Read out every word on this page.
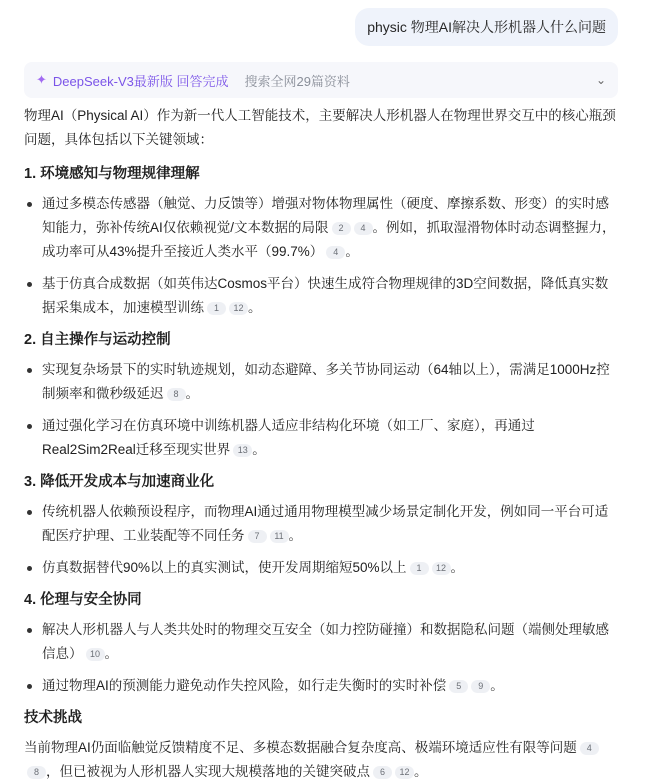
physic 物理AI解决人形机器人什么问题
✦ DeepSeek-V3最新版 回答完成 搜索全网29篇资料	⌄

物理AI（Physical AI）作为新一代人工智能技术，主要解决人形机器人在物理世界交互中的核心瓶颈问题，具体包括以下关键领域：

1. 环境感知与物理规律理解
通过多模态传感器（触觉、力反馈等）增强对物体物理属性（硬度、摩擦系数、形变）的实时感知能力，弥补传统AI仅依赖视觉/文本数据的局限 2 4 。例如，抓取湿滑物体时动态调整握力，成功率可从43%提升至接近人类水平（99.7%） 4 。
基于仿真合成数据（如英伟达Cosmos平台）快速生成符合物理规律的3D空间数据，降低真实数据采集成本，加速模型训练 1 12 。
2. 自主操作与运动控制
实现复杂场景下的实时轨迹规划，如动态避障、多关节协同运动（64轴以上），需满足1000Hz控制频率和微秒级延迟 8 。
通过强化学习在仿真环境中训练机器人适应非结构化环境（如工厂、家庭），再通过Real2Sim2Real迁移至现实世界 13 。
3. 降低开发成本与加速商业化
传统机器人依赖预设程序，而物理AI通过通用物理模型减少场景定制化开发，例如同一平台可适配医疗护理、工业装配等不同任务 7 11 。
仿真数据替代90%以上的真实测试，使开发周期缩短50%以上 1 12 。
4. 伦理与安全协同
解决人形机器人与人类共处时的物理交互安全（如力控防碰撞）和数据隐私问题（端侧处理敏感信息） 10 。
通过物理AI的预测能力避免动作失控风险，如行走失衡时的实时补偿 5 9 。
技术挑战

当前物理AI仍面临触觉反馈精度不足、多模态数据融合复杂度高、极端环境适应性有限等问题 48 ，但已被视为人形机器人实现大规模落地的关键突破点 6 12 。
